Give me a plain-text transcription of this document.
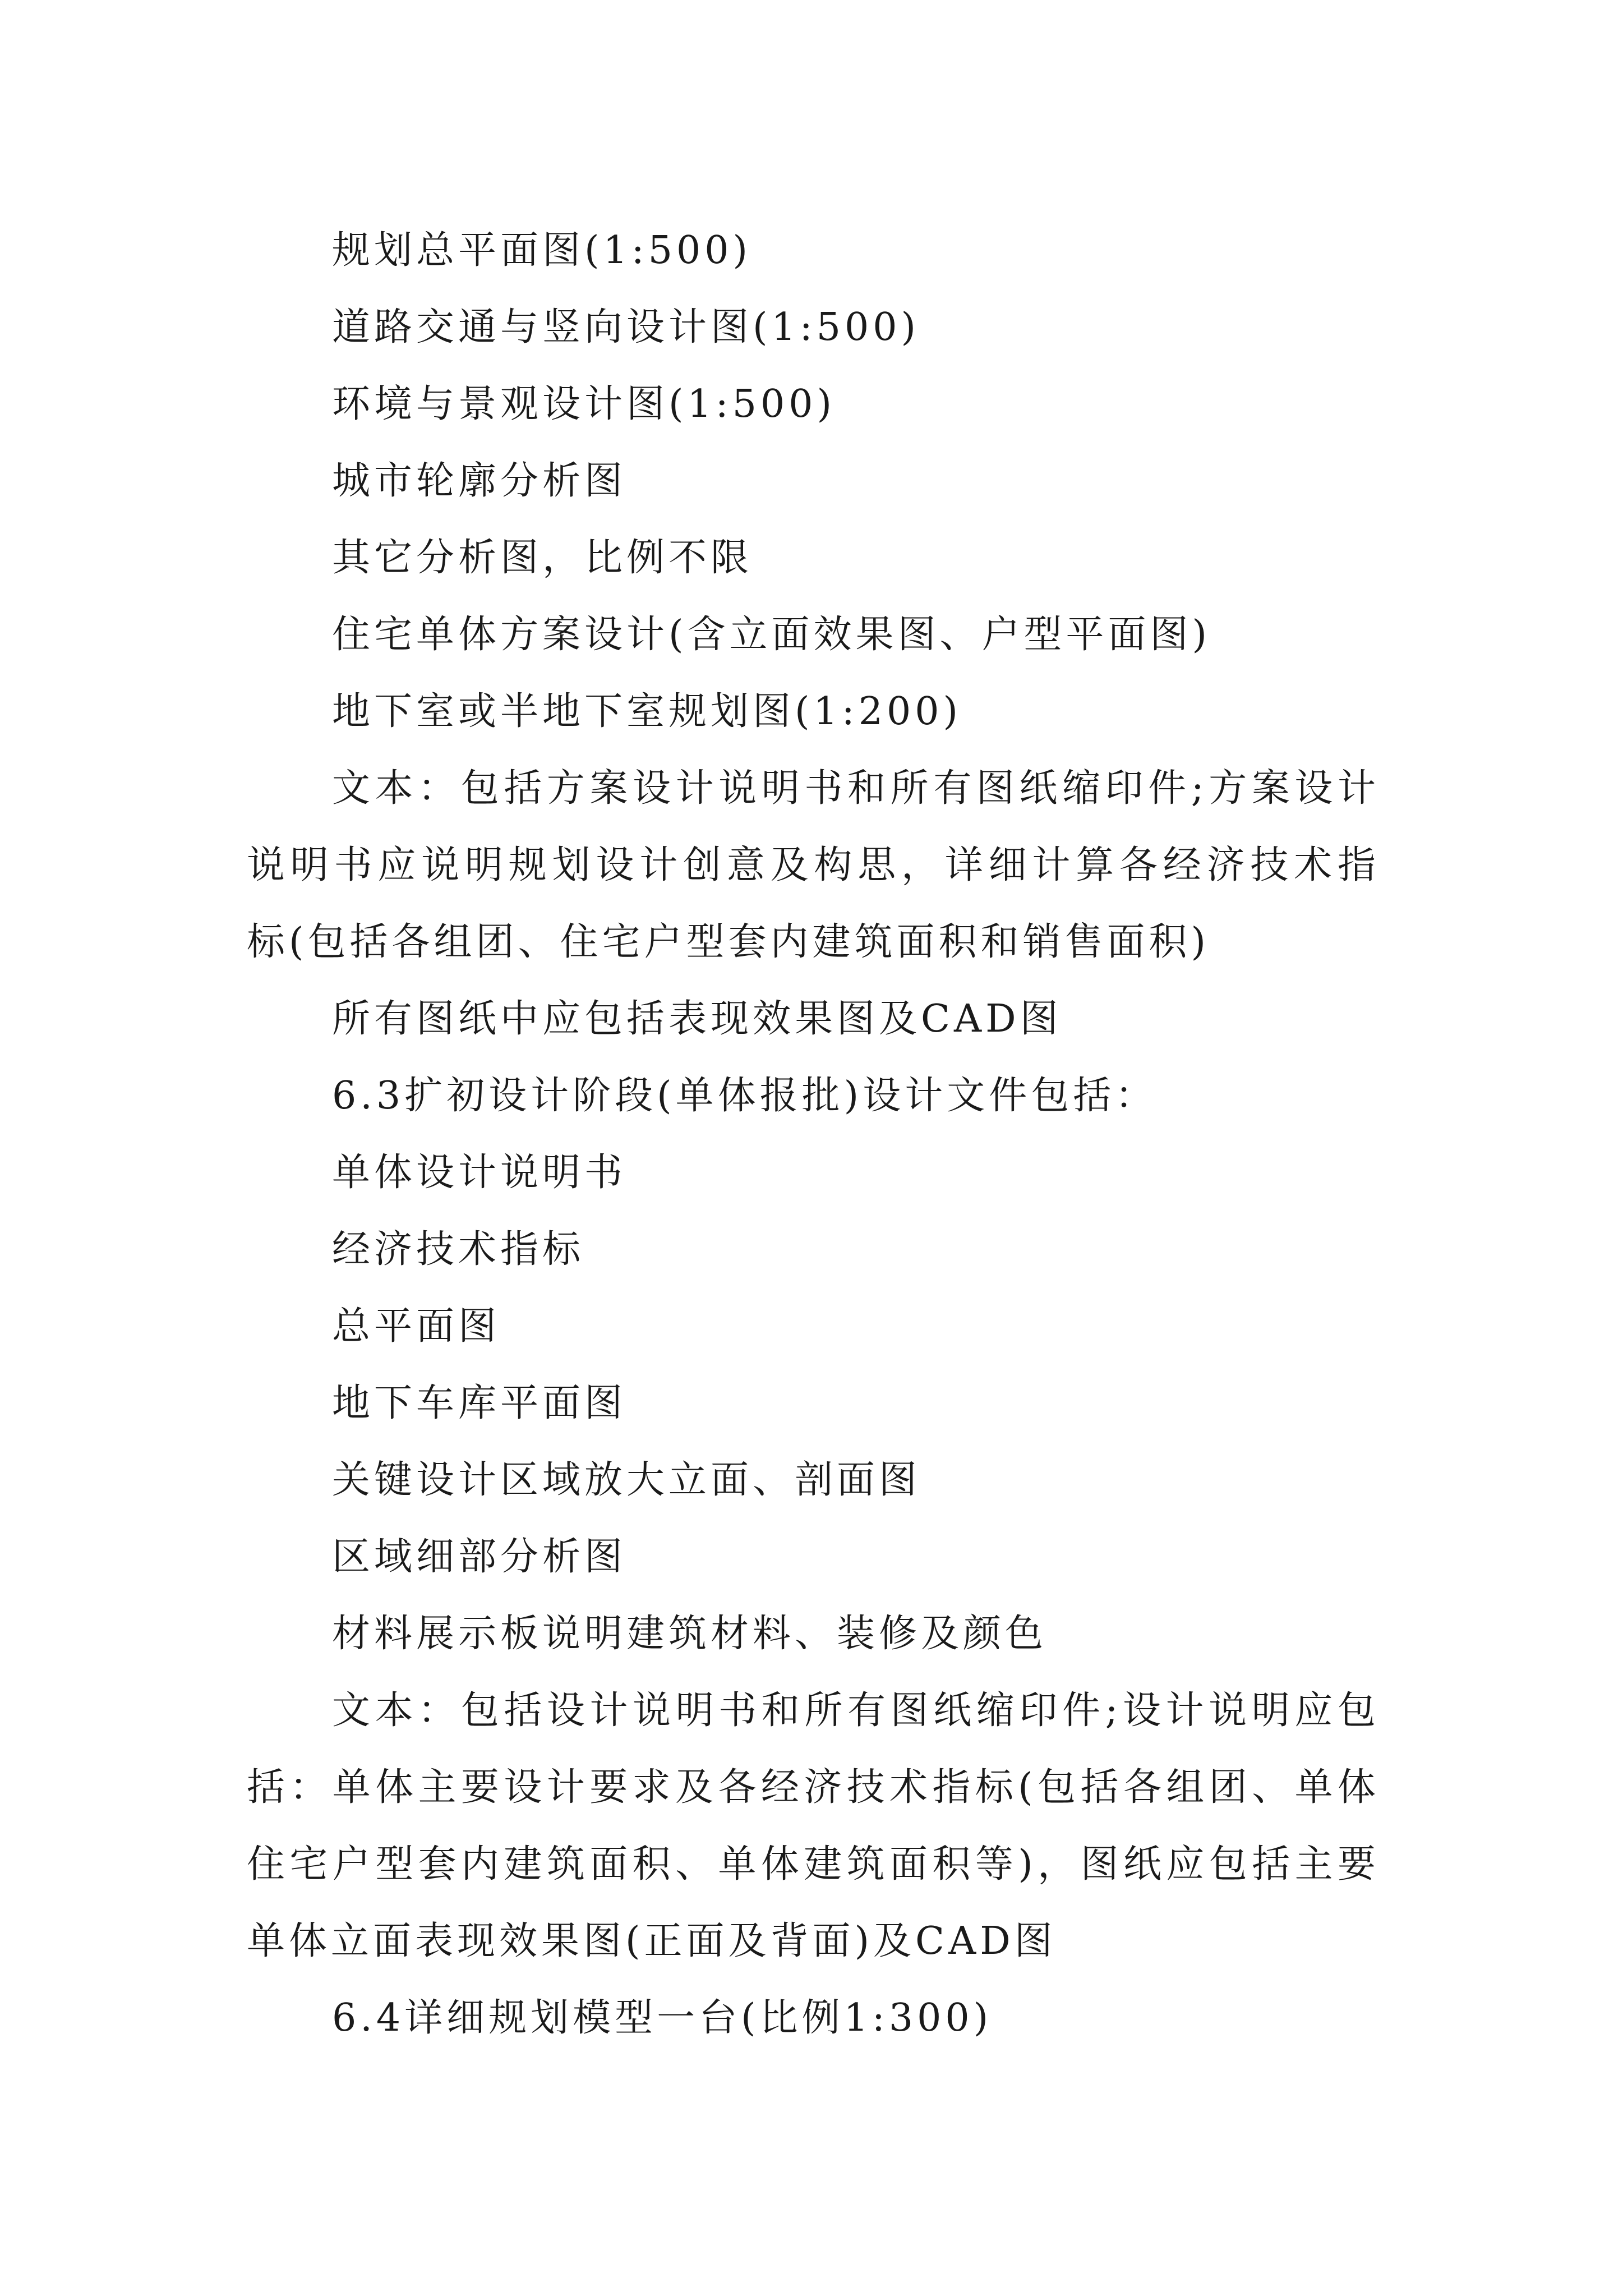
规划总平面图(1:500)

道路交通与竖向设计图(1:500)

环境与景观设计图(1:500)

城市轮廓分析图

其它分析图，比例不限

住宅单体方案设计(含立面效果图、户型平面图)

地下室或半地下室规划图(1:200)

文本：包括方案设计说明书和所有图纸缩印件;方案设计说明书应说明规划设计创意及构思，详细计算各经济技术指标(包括各组团、住宅户型套内建筑面积和销售面积)

所有图纸中应包括表现效果图及CAD图

6.3扩初设计阶段(单体报批)设计文件包括：

单体设计说明书

经济技术指标

总平面图

地下车库平面图

关键设计区域放大立面、剖面图

区域细部分析图

材料展示板说明建筑材料、装修及颜色

文本：包括设计说明书和所有图纸缩印件;设计说明应包括：单体主要设计要求及各经济技术指标(包括各组团、单体住宅户型套内建筑面积、单体建筑面积等)，图纸应包括主要单体立面表现效果图(正面及背面)及CAD图

6.4详细规划模型一台(比例1:300)
